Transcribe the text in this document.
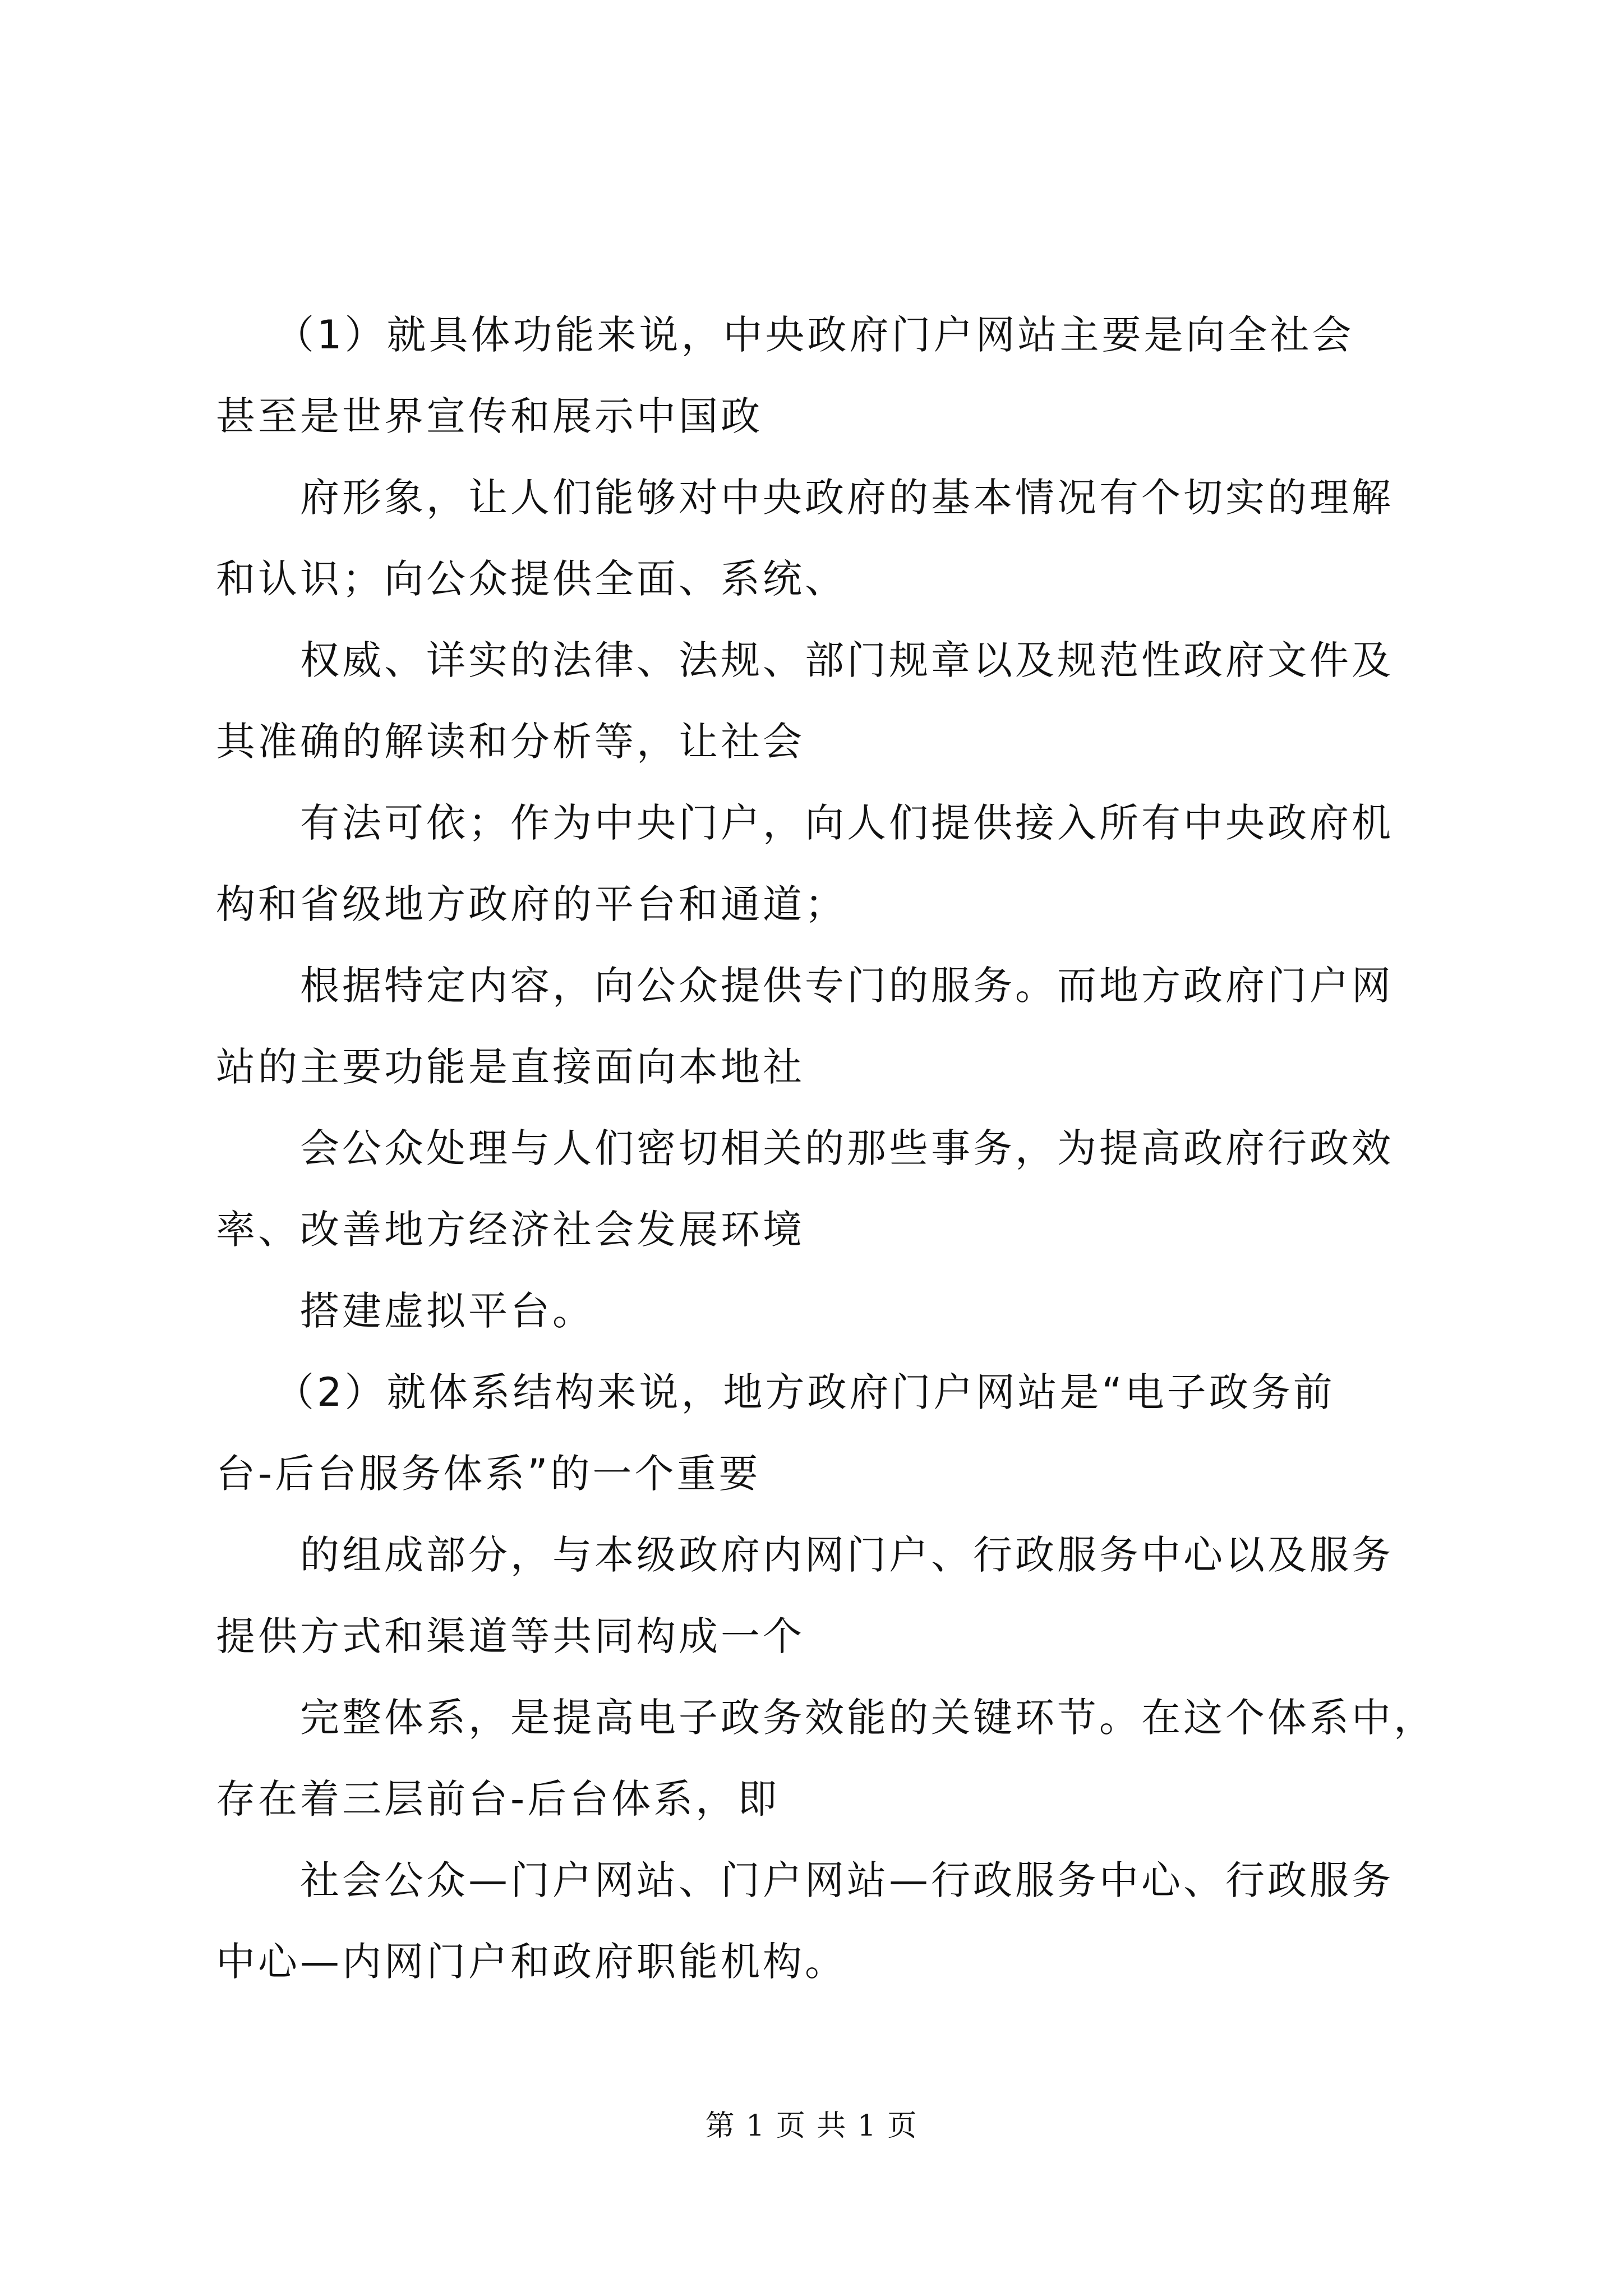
（1）就具体功能来说，中央政府门户网站主要是向全社会
甚至是世界宣传和展示中国政
府形象，让人们能够对中央政府的基本情况有个切实的理解
和认识；向公众提供全面、系统、
权威、详实的法律、法规、部门规章以及规范性政府文件及
其准确的解读和分析等，让社会
有法可依；作为中央门户，向人们提供接入所有中央政府机
构和省级地方政府的平台和通道；
根据特定内容，向公众提供专门的服务。而地方政府门户网
站的主要功能是直接面向本地社
会公众处理与人们密切相关的那些事务，为提高政府行政效
率、改善地方经济社会发展环境
搭建虚拟平台。
（2）就体系结构来说，地方政府门户网站是“电子政务前
台-后台服务体系”的一个重要
的组成部分，与本级政府内网门户、行政服务中心以及服务
提供方式和渠道等共同构成一个
完整体系，是提高电子政务效能的关键环节。在这个体系中，
存在着三层前台-后台体系，即
社会公众—门户网站、门户网站—行政服务中心、行政服务
中心—内网门户和政府职能机构。
第 1 页 共 1 页
